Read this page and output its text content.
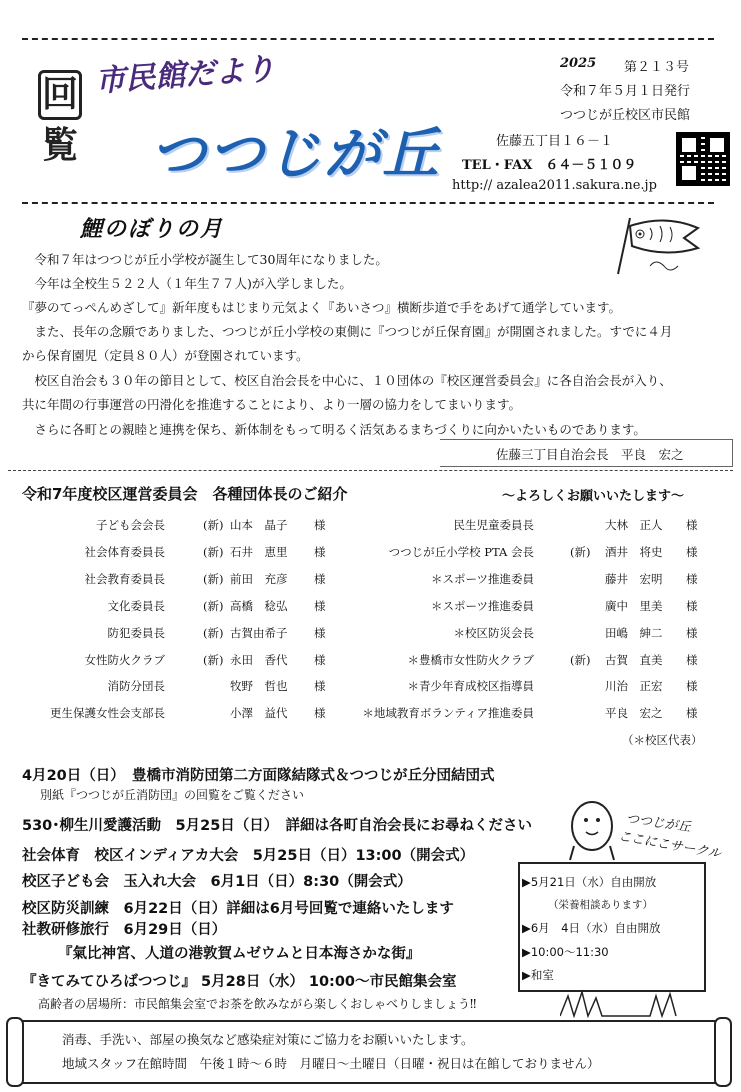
回
覧
市民館だより
つつじが丘
2025 第２１３号
令和７年５月１日発行
つつじが丘校区市民館
佐藤五丁目１６－１
TEL・FAX　６４－５１０９
http:// azalea2011.sakura.ne.jp
鯉のぼりの月
　令和７年はつつじが丘小学校が誕生して30周年になりました。
　今年は全校生５２２人（１年生７７人)が入学しました。
『夢のてっぺんめざして』新年度もはじまり元気よく『あいさつ』横断歩道で手をあげて通学しています。
　また、長年の念願でありました、つつじが丘小学校の東側に『つつじが丘保育園』が開園されました。すでに４月
から保育園児（定員８０人）が登園されています。
　校区自治会も３０年の節目として、校区自治会長を中心に、１０団体の『校区運営委員会』に各自治会長が入り、
共に年間の行事運営の円滑化を推進することにより、より一層の協力をしてまいります。
　さらに各町との親睦と連携を保ち、新体制をもって明るく活気あるまちづくりに向かいたいものであります。
佐藤三丁目自治会長　平良　宏之
令和7年度校区運営委員会　各種団体長のご紹介	～よろしくお願いいたします～
子ども会会長	(新) 山本　晶子 様
社会体育委員長	(新) 石井　恵里 様
社会教育委員長	(新) 前田　充彦 様
文化委員長	(新) 高橋　稔弘 様
防犯委員長	(新) 古賀由希子 様
女性防火クラブ	(新) 永田　香代 様
消防分団長	牧野　哲也 様
更生保護女性会支部長	小澤　益代 様
民生児童委員長	大林　正人 様
つつじが丘小学校 PTA 会長	(新) 酒井　将史 様
＊スポーツ推進委員	藤井　宏明 様
＊スポーツ推進委員	廣中　里美 様
＊校区防災会長	田嶋　紳二 様
＊豊橋市女性防火クラブ	(新) 古賀　直美 様
＊青少年育成校区指導員	川治　正宏 様
＊地域教育ボランティア推進委員	平良　宏之 様
（＊校区代表）
4月20日（日）　豊橋市消防団第二方面隊結隊式＆つつじが丘分団結団式
別紙『つつじが丘消防団』の回覧をご覧ください
530･柳生川愛護活動　5月25日（日）　詳細は各町自治会長にお尋ねください
社会体育　校区インディアカ大会　5月25日（日）13:00（開会式）
校区子ども会　玉入れ大会　6月1日（日）8:30（開会式）
校区防災訓練　6月22日（日）詳細は6月号回覧で連絡いたします
社教研修旅行　6月29日（日）
『氣比神宮、人道の港敦賀ムゼウムと日本海さかな街』
『きてみてひろばつつじ』 5月28日（水） 10:00～市民館集会室
高齢者の居場所：市民館集会室でお茶を飲みながら楽しくおしゃべりしましょう‼
つつじが丘
ここにこサークル
▶5月21日（水）自由開放
（栄養相談あります）
▶6月　4日（水）自由開放
▶10:00～11:30
▶和室
消毒、手洗い、部屋の換気など感染症対策にご協力をお願いいたします。
地域スタッフ在館時間　午後１時～６時　月曜日～土曜日（日曜・祝日は在館しておりません）
